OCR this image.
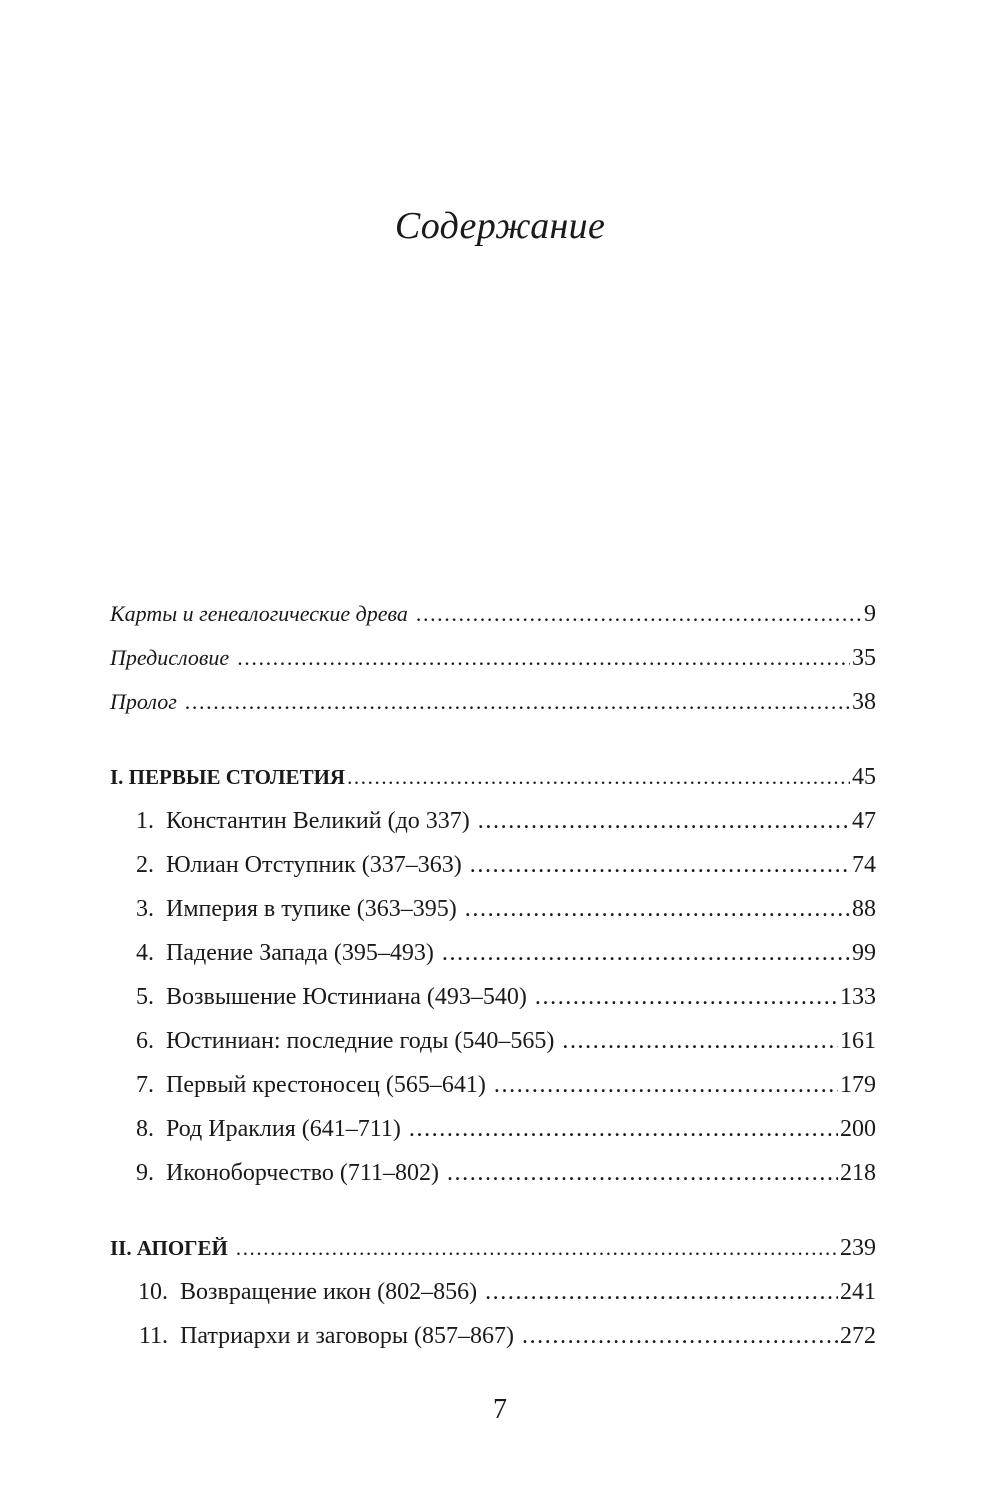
Содержание
Карты и генеалогические древа .....	9
Предисловие .....	35
Пролог .....	38
I. ПЕРВЫЕ СТОЛЕТИЯ .....	45
1. Константин Великий (до 337) .....	47
2. Юлиан Отступник (337–363) .....	74
3. Империя в тупике (363–395) .....	88
4. Падение Запада (395–493) .....	99
5. Возвышение Юстиниана (493–540) .....	133
6. Юстиниан: последние годы (540–565) .....	161
7. Первый крестоносец (565–641) .....	179
8. Род Ираклия (641–711) .....	200
9. Иконоборчество (711–802) .....	218
II. АПОГЕЙ .....	239
10. Возвращение икон (802–856) .....	241
11. Патриархи и заговоры (857–867) .....	272
7
